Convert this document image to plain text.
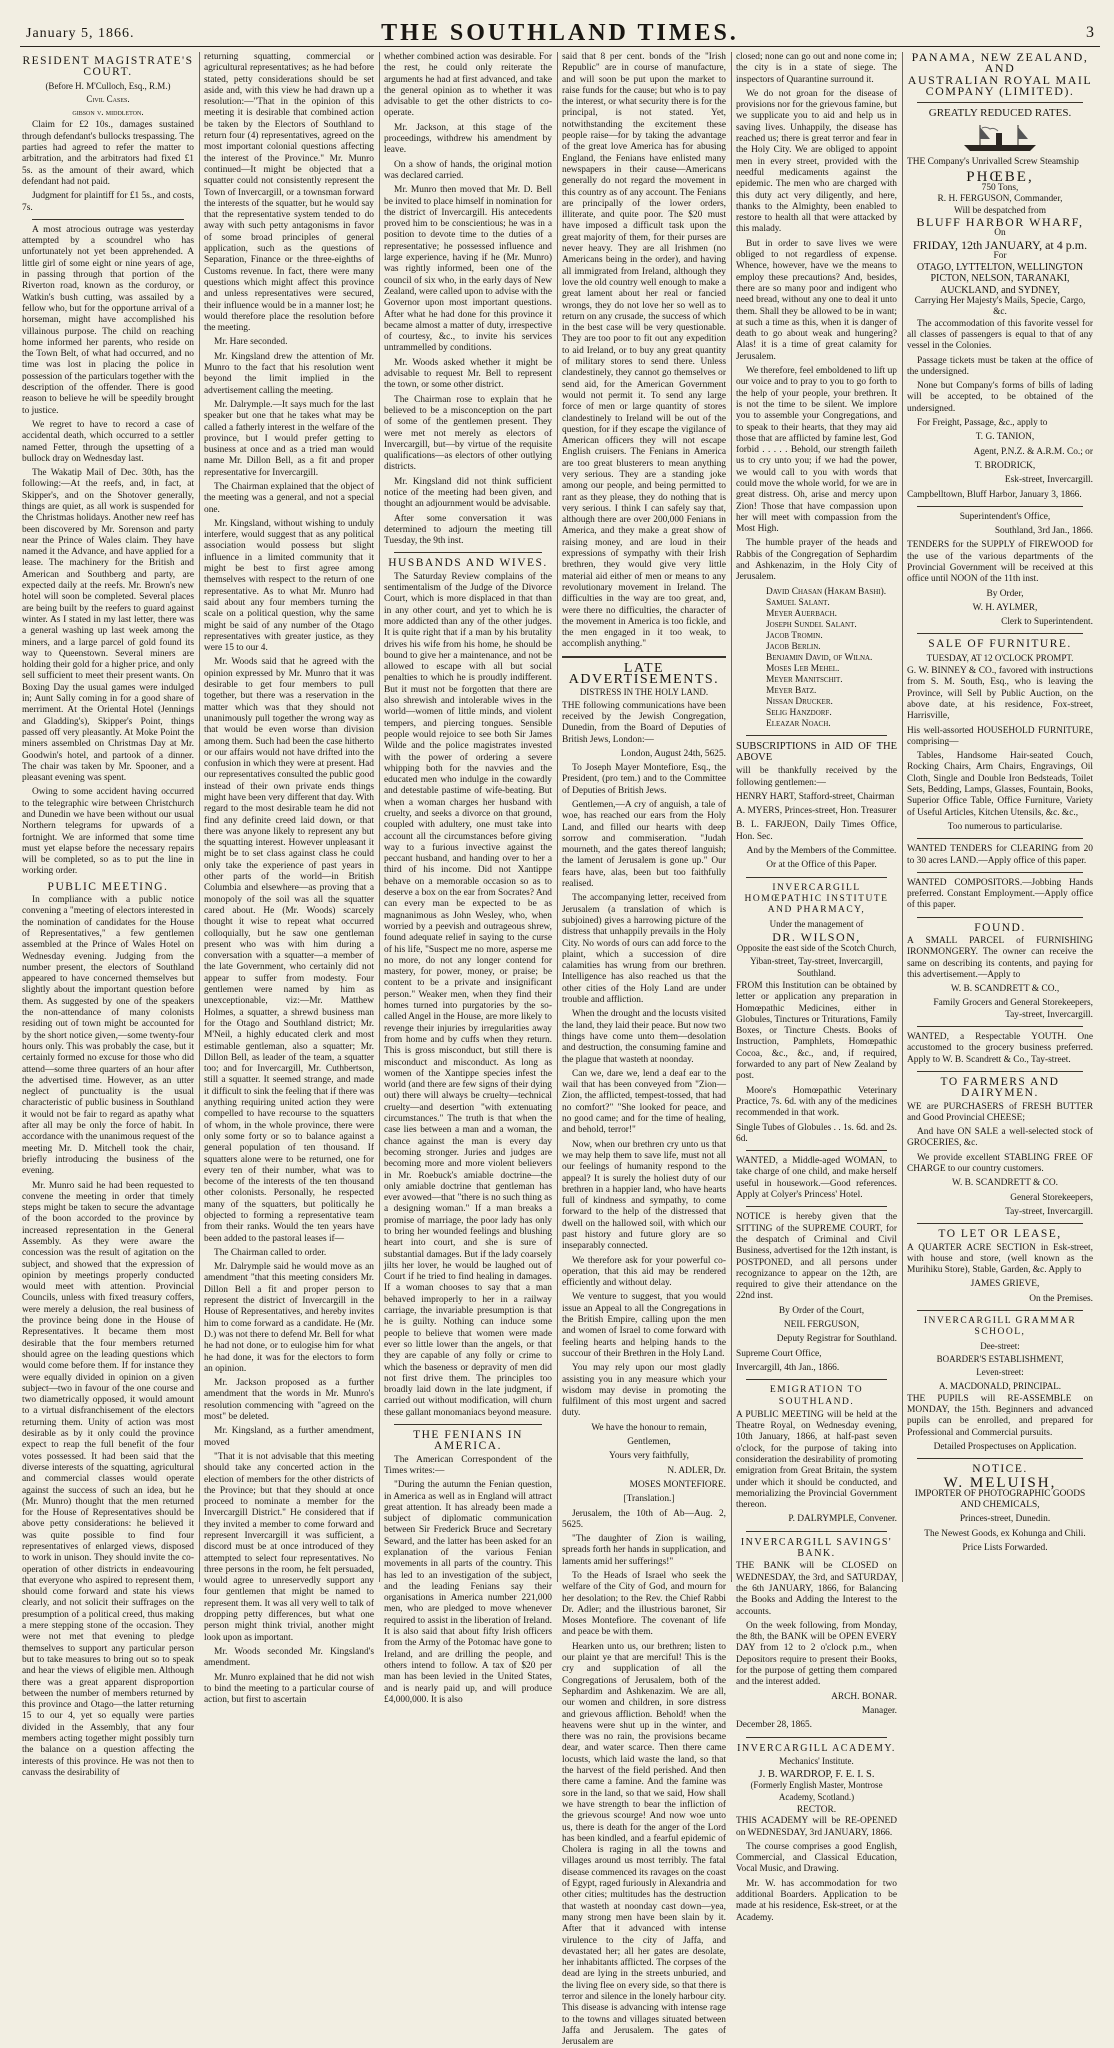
January 5, 1866.	THE SOUTHLAND TIMES.	3
RESIDENT MAGISTRATE'S COURT.
(Before H. M'Culloch, Esq., R.M.)
Civil Cases.
gibson v. middleton.

Claim for £2 10s., damages sustained through defendant's bullocks trespassing. The parties had agreed to refer the matter to arbitration, and the arbitrators had fixed £1 5s. as the amount of their award, which defendant had not paid.

Judgment for plaintiff for £1 5s., and costs, 7s.

A most atrocious outrage was yesterday attempted by a scoundrel who has unfortunately not yet been apprehended. A little girl of some eight or nine years of age, in passing through that portion of the Riverton road, known as the corduroy, or Watkin's bush cutting, was assailed by a fellow who, but for the opportune arrival of a horseman, might have accomplished his villainous purpose. The child on reaching home informed her parents, who reside on the Town Belt, of what had occurred, and no time was lost in placing the police in possession of the particulars together with the description of the offender. There is good reason to believe he will be speedily brought to justice.

We regret to have to record a case of accidental death, which occurred to a settler named Fetter, through the upsetting of a bullock dray on Wednesday last.

The Wakatip Mail of Dec. 30th, has the following:—At the reefs, and, in fact, at Skipper's, and on the Shotover generally, things are quiet, as all work is suspended for the Christmas holidays. Another new reef has been discovered by Mr. Sorenson and party near the Prince of Wales claim. They have named it the Advance, and have applied for a lease. The machinery for the British and American and Southberg and party, are expected daily at the reefs. Mr. Brown's new hotel will soon be completed. Several places are being built by the reefers to guard against winter. As I stated in my last letter, there was a general washing up last week among the miners, and a large parcel of gold found its way to Queenstown. Several miners are holding their gold for a higher price, and only sell sufficient to meet their present wants. On Boxing Day the usual games were indulged in; Aunt Sally coming in for a good share of merriment. At the Oriental Hotel (Jennings and Gladding's), Skipper's Point, things passed off very pleasantly. At Moke Point the miners assembled on Christmas Day at Mr. Goodwin's hotel, and partook of a dinner. The chair was taken by Mr. Spooner, and a pleasant evening was spent.

Owing to some accident having occurred to the telegraphic wire between Christchurch and Dunedin we have been without our usual Northern telegrams for upwards of a fortnight. We are informed that some time must yet elapse before the necessary repairs will be completed, so as to put the line in working order.

PUBLIC MEETING.

In compliance with a public notice convening a "meeting of electors interested in the nomination of candidates for the House of Representatives," a few gentlemen assembled at the Prince of Wales Hotel on Wednesday evening. Judging from the number present, the electors of Southland appeared to have concerned themselves but slightly about the important question before them. As suggested by one of the speakers the non-attendance of many colonists residing out of town might be accounted for by the short notice given,—some twenty-four hours only. This was probably the case, but it certainly formed no excuse for those who did attend—some three quarters of an hour after the advertised time. However, as an utter neglect of punctuality is the usual characteristic of public business in Southland it would not be fair to regard as apathy what after all may be only the force of habit. In accordance with the unanimous request of the meeting Mr. D. Mitchell took the chair, briefly introducing the business of the evening.

Mr. Munro said he had been requested to convene the meeting in order that timely steps might be taken to secure the advantage of the boon accorded to the province by increased representation in the General Assembly. As they were aware the concession was the result of agitation on the subject, and showed that the expression of opinion by meetings properly conducted would meet with attention. Provincial Councils, unless with fixed treasury coffers, were merely a delusion, the real business of the province being done in the House of Representatives. It became them most desirable that the four members returned should agree on the leading questions which would come before them. If for instance they were equally divided in opinion on a given subject—two in favour of the one course and two diametrically opposed, it would amount to a virtual disfranchisement of the electors returning them. Unity of action was most desirable as by it only could the province expect to reap the full benefit of the four votes possessed. It had been said that the diverse interests of the squatting, agricultural and commercial classes would operate against the success of such an idea, but he (Mr. Munro) thought that the men returned for the House of Representatives should be above petty considerations: he believed it was quite possible to find four representatives of enlarged views, disposed to work in unison. They should invite the co-operation of other districts in endeavouring that everyone who aspired to represent them, should come forward and state his views clearly, and not solicit their suffrages on the presumption of a political creed, thus making a mere stepping stone of the occasion. They were not met that evening to pledge themselves to support any particular person but to take measures to bring out so to speak and hear the views of eligible men. Although there was a great apparent disproportion between the number of members returned by this province and Otago—the latter returning 15 to our 4, yet so equally were parties divided in the Assembly, that any four members acting together might possibly turn the balance on a question affecting the interests of this province. He was not then to canvass the desirability of

returning squatting, commercial or agricultural representatives; as he had before stated, petty considerations should be set aside and, with this view he had drawn up a resolution:—"That in the opinion of this meeting it is desirable that combined action be taken by the Electors of Southland to return four (4) representatives, agreed on the most important colonial questions affecting the interest of the Province." Mr. Munro continued—It might be objected that a squatter could not consistently represent the Town of Invercargill, or a townsman forward the interests of the squatter, but he would say that the representative system tended to do away with such petty antagonisms in favor of some broad principles of general application, such as the questions of Separation, Finance or the three-eighths of Customs revenue. In fact, there were many questions which might affect this province and unless representatives were secured, their influence would be in a manner lost; he would therefore place the resolution before the meeting.

Mr. Hare seconded.

Mr. Kingsland drew the attention of Mr. Munro to the fact that his resolution went beyond the limit implied in the advertisement calling the meeting.

Mr. Dalrymple.—It says much for the last speaker but one that he takes what may be called a fatherly interest in the welfare of the province, but I would prefer getting to business at once and as a tried man would name Mr. Dillon Bell, as a fit and proper representative for Invercargill.

The Chairman explained that the object of the meeting was a general, and not a special one.

Mr. Kingsland, without wishing to unduly interfere, would suggest that as any political association would possess but slight influence in a limited community that it might be best to first agree among themselves with respect to the return of one representative. As to what Mr. Munro had said about any four members turning the scale on a political question, why the same might be said of any number of the Otago representatives with greater justice, as they were 15 to our 4.

Mr. Woods said that he agreed with the opinion expressed by Mr. Munro that it was desirable to get four members to pull together, but there was a reservation in the matter which was that they should not unanimously pull together the wrong way as that would be even worse than division among them. Such had been the case hitherto or our affairs would not have drifted into the confusion in which they were at present. Had our representatives consulted the public good instead of their own private ends things might have been very different that day. With regard to the most desirable team he did not find any definite creed laid down, or that there was anyone likely to represent any but the squatting interest. However unpleasant it might be to set class against class he could only take the experience of past years in other parts of the world—in British Columbia and elsewhere—as proving that a monopoly of the soil was all the squatter cared about. He (Mr. Woods) scarcely thought it wise to repeat what occurred colloquially, but he saw one gentleman present who was with him during a conversation with a squatter—a member of the late Government, who certainly did not appear to suffer from modesty. Four gentlemen were named by him as unexceptionable, viz:—Mr. Matthew Holmes, a squatter, a shrewd business man for the Otago and Southland district; Mr. M'Neil, a highly educated clerk and most estimable gentleman, also a squatter; Mr. Dillon Bell, as leader of the team, a squatter too; and for Invercargill, Mr. Cuthbertson, still a squatter. It seemed strange, and made it difficult to sink the feeling that if there was anything requiring united action they were compelled to have recourse to the squatters of whom, in the whole province, there were only some forty or so to balance against a general population of ten thousand. If squatters alone were to be returned, one for every ten of their number, what was to become of the interests of the ten thousand other colonists. Personally, he respected many of the squatters, but politically he objected to forming a representative team from their ranks. Would the ten years have been added to the pastoral leases if—

The Chairman called to order.

Mr. Dalrymple said he would move as an amendment "that this meeting considers Mr. Dillon Bell a fit and proper person to represent the district of Invercargill in the House of Representatives, and hereby invites him to come forward as a candidate. He (Mr. D.) was not there to defend Mr. Bell for what he had not done, or to eulogise him for what he had done, it was for the electors to form an opinion.

Mr. Jackson proposed as a further amendment that the words in Mr. Munro's resolution commencing with "agreed on the most" be deleted.

Mr. Kingsland, as a further amendment, moved

"That it is not advisable that this meeting should take any concerted action in the election of members for the other districts of the Province; but that they should at once proceed to nominate a member for the Invercargill District." He considered that if they invited a member to come forward and represent Invercargill it was sufficient, a discord must be at once introduced of they attempted to select four representatives. No three persons in the room, he felt persuaded, would agree to unreservedly support any four gentlemen that might be named to represent them. It was all very well to talk of dropping petty differences, but what one person might think trivial, another might look upon as important.

Mr. Woods seconded Mr. Kingsland's amendment.

Mr. Munro explained that he did not wish to bind the meeting to a particular course of action, but first to ascertain

whether combined action was desirable. For the rest, he could only reiterate the arguments he had at first advanced, and take the general opinion as to whether it was advisable to get the other districts to co-operate.

Mr. Jackson, at this stage of the proceedings, withdrew his amendment by leave.

On a show of hands, the original motion was declared carried.

Mr. Munro then moved that Mr. D. Bell be invited to place himself in nomination for the district of Invercargill. His antecedents proved him to be conscientious; he was in a position to devote time to the duties of a representative; he possessed influence and large experience, having if he (Mr. Munro) was rightly informed, been one of the council of six who, in the early days of New Zealand, were called upon to advise with the Governor upon most important questions. After what he had done for this province it became almost a matter of duty, irrespective of courtesy, &c., to invite his services untrammelled by conditions.

Mr. Woods asked whether it might be advisable to request Mr. Bell to represent the town, or some other district.

The Chairman rose to explain that he believed to be a misconception on the part of some of the gentlemen present. They were met not merely as electors of Invercargill, but—by virtue of the requisite qualifications—as electors of other outlying districts.

Mr. Kingsland did not think sufficient notice of the meeting had been given, and thought an adjournment would be advisable.

After some conversation it was determined to adjourn the meeting till Tuesday, the 9th inst.

HUSBANDS AND WIVES.

The Saturday Review complains of the sentimentalism of the Judge of the Divorce Court, which is more displaced in that than in any other court, and yet to which he is more addicted than any of the other judges. It is quite right that if a man by his brutality drives his wife from his home, he should be bound to give her a maintenance, and not be allowed to escape with all but social penalties to which he is proudly indifferent. But it must not be forgotten that there are also shrewish and intolerable wives in the world—women of little minds, and violent tempers, and piercing tongues. Sensible people would rejoice to see both Sir James Wilde and the police magistrates invested with the power of ordering a severe whipping both for the navvies and the educated men who indulge in the cowardly and detestable pastime of wife-beating. But when a woman charges her husband with cruelty, and seeks a divorce on that ground, coupled with adultery, one must take into account all the circumstances before giving way to a furious invective against the peccant husband, and handing over to her a third of his income. Did not Xantippe behave on a memorable occasion so as to deserve a box on the ear from Socrates? And can every man be expected to be as magnanimous as John Wesley, who, when worried by a peevish and outrageous shrew, found adequate relief in saying to the curse of his life, "Suspect me no more, asperse me no more, do not any longer contend for mastery, for power, money, or praise; be content to be a private and insignificant person." Weaker men, when they find their homes turned into purgatories by the so-called Angel in the House, are more likely to revenge their injuries by irregularities away from home and by cuffs when they return. This is gross misconduct, but still there is misconduct and misconduct. As long as women of the Xantippe species infest the world (and there are few signs of their dying out) there will always be cruelty—technical cruelty—and desertion "with extenuating circumstances." The truth is that when the case lies between a man and a woman, the chance against the man is every day becoming stronger. Juries and judges are becoming more and more violent believers in Mr. Roebuck's amiable doctrine—the only amiable doctrine that gentleman has ever avowed—that "there is no such thing as a designing woman." If a man breaks a promise of marriage, the poor lady has only to bring her wounded feelings and blushing heart into court, and she is sure of substantial damages. But if the lady coarsely jilts her lover, he would be laughed out of Court if he tried to find healing in damages. If a woman chooses to say that a man behaved improperly to her in a railway carriage, the invariable presumption is that he is guilty. Nothing can induce some people to believe that women were made ever so little lower than the angels, or that they are capable of any folly or crime to which the baseness or depravity of men did not first drive them. The principles too broadly laid down in the late judgment, if carried out without modification, will churn these gallant monomaniacs beyond measure.

THE FENIANS IN AMERICA.

The American Correspondent of the Times writes:—

"During the autumn the Fenian question, in America as well as in England will attract great attention. It has already been made a subject of diplomatic communication between Sir Frederick Bruce and Secretary Seward, and the latter has been asked for an explanation of the various Fenian movements in all parts of the country. This has led to an investigation of the subject, and the leading Fenians say their organisations in America number 221,000 men, who are pledged to move whenever required to assist in the liberation of Ireland. It is also said that about fifty Irish officers from the Army of the Potomac have gone to Ireland, and are drilling the people, and others intend to follow. A tax of $20 per man has been levied in the United States, and is nearly paid up, and will produce £4,000,000. It is also

said that 8 per cent. bonds of the "Irish Republic" are in course of manufacture, and will soon be put upon the market to raise funds for the cause; but who is to pay the interest, or what security there is for the principal, is not stated. Yet, notwithstanding the excitement these people raise—for by taking the advantage of the great love America has for abusing England, the Fenians have enlisted many newspapers in their cause—Americans generally do not regard the movement in this country as of any account. The Fenians are principally of the lower orders, illiterate, and quite poor. The $20 must have imposed a difficult task upon the great majority of them, for their purses are never heavy. They are all Irishmen (no Americans being in the order), and having all immigrated from Ireland, although they love the old country well enough to make a great lament about her real or fancied wrongs, they do not love her so well as to return on any crusade, the success of which in the best case will be very questionable. They are too poor to fit out any expedition to aid Ireland, or to buy any great quantity of military stores to send there. Unless clandestinely, they cannot go themselves or send aid, for the American Government would not permit it. To send any large force of men or large quantity of stores clandestinely to Ireland will be out of the question, for if they escape the vigilance of American officers they will not escape English cruisers. The Fenians in America are too great blusterers to mean anything very serious. They are a standing joke among our people, and being permitted to rant as they please, they do nothing that is very serious. I think I can safely say that, although there are over 200,000 Fenians in America, and they make a great show of raising money, and are loud in their expressions of sympathy with their Irish brethren, they would give very little material aid either of men or means to any revolutionary movement in Ireland. The difficulties in the way are too great, and, were there no difficulties, the character of the movement in America is too fickle, and the men engaged in it too weak, to accomplish anything."

LATE ADVERTISEMENTS.
DISTRESS IN THE HOLY LAND.

THE following communications have been received by the Jewish Congregation, Dunedin, from the Board of Deputies of British Jews, London:—

London, August 24th, 5625.

To Joseph Mayer Montefiore, Esq., the President, (pro tem.) and to the Committee of Deputies of British Jews.

Gentlemen,—A cry of anguish, a tale of woe, has reached our ears from the Holy Land, and filled our hearts with deep sorrow and commiseration. "Judah mourneth, and the gates thereof languish; the lament of Jerusalem is gone up." Our fears have, alas, been but too faithfully realised.

The accompanying letter, received from Jerusalem (a translation of which is subjoined) gives a harrowing picture of the distress that unhappily prevails in the Holy City. No words of ours can add force to the plaint, which a succession of dire calamities has wrung from our brethren. Intelligence has also reached us that the other cities of the Holy Land are under trouble and affliction.

When the drought and the locusts visited the land, they laid their peace. But now two things have come unto them—desolation and destruction, the consuming famine and the plague that wasteth at noonday.

Can we, dare we, lend a deaf ear to the wail that has been conveyed from "Zion—Zion, the afflicted, tempest-tossed, that had no comfort?" "She looked for peace, and no good came; and for the time of healing, and behold, terror!"

Now, when our brethren cry unto us that we may help them to save life, must not all our feelings of humanity respond to the appeal? It is surely the holiest duty of our brethren in a happier land, who have hearts full of kindness and sympathy, to come forward to the help of the distressed that dwell on the hallowed soil, with which our past history and future glory are so inseparably connected.

We therefore ask for your powerful co-operation, that this aid may be rendered efficiently and without delay.

We venture to suggest, that you would issue an Appeal to all the Congregations in the British Empire, calling upon the men and women of Israel to come forward with feeling hearts and helping hands to the succour of their Brethren in the Holy Land.

You may rely upon our most gladly assisting you in any measure which your wisdom may devise in promoting the fulfilment of this most urgent and sacred duty.

We have the honour to remain,

Gentlemen,

Yours very faithfully,

N. ADLER, Dr.

MOSES MONTEFIORE.

[Translation.]

Jerusalem, the 10th of Ab—Aug. 2, 5625.

"The daughter of Zion is wailing, spreads forth her hands in supplication, and laments amid her sufferings!"

To the Heads of Israel who seek the welfare of the City of God, and mourn for her desolation; to the Rev. the Chief Rabbi Dr. Adler; and the illustrious baronet, Sir Moses Montefiore. The covenant of life and peace be with them.

Hearken unto us, our brethren; listen to our plaint ye that are merciful! This is the cry and supplication of all the Congregations of Jerusalem, both of the Sephardim and Ashkenazim. We are all, our women and children, in sore distress and grievous affliction. Behold! when the heavens were shut up in the winter, and there was no rain, the provisions became dear, and water scarce. Then there came locusts, which laid waste the land, so that the harvest of the field perished. And then there came a famine. And the famine was sore in the land, so that we said, How shall we have strength to bear the infliction of the grievous scourge! And now woe unto us, there is death for the anger of the Lord has been kindled, and a fearful epidemic of Cholera is raging in all the towns and villages around us most terribly. The fatal disease commenced its ravages on the coast of Egypt, raged furiously in Alexandria and other cities; multitudes has the destruction that wasteth at noonday cast down—yea, many strong men have been slain by it. After that it advanced with intense virulence to the city of Jaffa, and devastated her; all her gates are desolate, her inhabitants afflicted. The corpses of the dead are lying in the streets unburied, and the living flee on every side, so that there is terror and silence in the lonely harbour city. This disease is advancing with intense rage to the towns and villages situated between Jaffa and Jerusalem. The gates of Jerusalem are

closed; none can go out and none come in; the city is in a state of siege. The inspectors of Quarantine surround it.

We do not groan for the disease of provisions nor for the grievous famine, but we supplicate you to aid and help us in saving lives. Unhappily, the disease has reached us; there is great terror and fear in the Holy City. We are obliged to appoint men in every street, provided with the needful medicaments against the epidemic. The men who are charged with this duty act very diligently, and here, thanks to the Almighty, been enabled to restore to health all that were attacked by this malady.

But in order to save lives we were obliged to not regardless of expense. Whence, however, have we the means to employ these precautions? And, besides, there are so many poor and indigent who need bread, without any one to deal it unto them. Shall they be allowed to be in want; at such a time as this, when it is danger of death to go about weak and hungering? Alas! it is a time of great calamity for Jerusalem.

We therefore, feel emboldened to lift up our voice and to pray to you to go forth to the help of your people, your brethren. It is not the time to be silent. We implore you to assemble your Congregations, and to speak to their hearts, that they may aid those that are afflicted by famine lest, God forbid . . . . . Behold, our strength faileth us to cry unto you; if we had the power, we would call to you with words that could move the whole world, for we are in great distress. Oh, arise and mercy upon Zion! Those that have compassion upon her will meet with compassion from the Most High.

The humble prayer of the heads and Rabbis of the Congregation of Sephardim and Ashkenazim, in the Holy City of Jerusalem.

David Chasan (Hakam Bashi).
Samuel Salant.
Meyer Auerbach.
Joseph Sundel Salant.
Jacob Tromin.
Jacob Berlin.
Benjamin David, of Wilna.
Moses Leb Mehel.
Meyer Manitschit.
Meyer Batz.
Nissan Drucker.
Selig Hanzdorf.
Eleazar Noach.

SUBSCRIPTIONS in AID OF THE ABOVE

will be thankfully received by the following gentlemen:—

HENRY HART, Stafford-street, Chairman

A. MYERS, Princes-street, Hon. Treasurer

B. L. FARJEON, Daily Times Office, Hon. Sec.

And by the Members of the Committee.

Or at the Office of this Paper.

INVERCARGILL HOMŒPATHIC INSTITUTE AND PHARMACY,
Under the management of
DR. WILSON,
Opposite the east side of the Scotch Church,
Yiban-street, Tay-street, Invercargill, Southland.

FROM this Institution can be obtained by letter or application any preparation in Homœpathic Medicines, either in Globules, Tinctures or Triturations, Family Boxes, or Tincture Chests. Books of Instruction, Pamphlets, Homœpathic Cocoa, &c., &c., and, if required, forwarded to any part of New Zealand by post.

Moore's Homœpathic Veterinary Practice, 7s. 6d. with any of the medicines recommended in that work.

Single Tubes of Globules . . 1s. 6d. and 2s. 6d.

WANTED, a Middle-aged WOMAN, to take charge of one child, and make herself useful in housework.—Good references. Apply at Colyer's Princess' Hotel.

NOTICE is hereby given that the SITTING of the SUPREME COURT, for the despatch of Criminal and Civil Business, advertised for the 12th instant, is POSTPONED, and all persons under recognizance to appear on the 12th, are required to give their attendance on the 22nd inst.

By Order of the Court,

NEIL FERGUSON,

Deputy Registrar for Southland.

Supreme Court Office,

Invercargill, 4th Jan., 1866.

EMIGRATION TO SOUTHLAND.

A PUBLIC MEETING will be held at the Theatre Royal, on Wednesday evening, 10th January, 1866, at half-past seven o'clock, for the purpose of taking into consideration the desirability of promoting emigration from Great Britain, the system under which it should be conducted, and memorializing the Provincial Government thereon.

P. DALRYMPLE, Convener.

INVERCARGILL SAVINGS' BANK.

THE BANK will be CLOSED on WEDNESDAY, the 3rd, and SATURDAY, the 6th JANUARY, 1866, for Balancing the Books and Adding the Interest to the accounts.

On the week following, from Monday, the 8th, the BANK will be OPEN EVERY DAY from 12 to 2 o'clock p.m., when Depositors require to present their Books, for the purpose of getting them compared and the interest added.

ARCH. BONAR.

Manager.

December 28, 1865.

INVERCARGILL ACADEMY.
Mechanics' Institute.
J. B. WARDROP, F. E. I. S.
(Formerly English Master, Montrose Academy, Scotland.)
RECTOR.

THIS ACADEMY will be RE-OPENED on WEDNESDAY, 3rd JANUARY, 1866.

The course comprises a good English, Commercial, and Classical Education, Vocal Music, and Drawing.

Mr. W. has accommodation for two additional Boarders. Application to be made at his residence, Esk-street, or at the Academy.

PANAMA, NEW ZEALAND, AND
AUSTRALIAN ROYAL MAIL
COMPANY (LIMITED).
GREATLY REDUCED RATES.

THE Company's Unrivalled Screw Steamship

PHŒBE,
750 Tons,
R. H. FERGUSON, Commander,
Will be despatched from
BLUFF HARBOR WHARF,
On
FRIDAY, 12th JANUARY, at 4 p.m.
For
OTAGO, LYTTELTON, WELLINGTON
PICTON, NELSON, TARANAKI,
AUCKLAND, and SYDNEY,
Carrying Her Majesty's Mails, Specie, Cargo, &c.

The accommodation of this favorite vessel for all classes of passengers is equal to that of any vessel in the Colonies.

Passage tickets must be taken at the office of the undersigned.

None but Company's forms of bills of lading will be accepted, to be obtained of the undersigned.

For Freight, Passage, &c., apply to

T. G. TANION,

Agent, P.N.Z. & A.R.M. Co.; or

T. BRODRICK,

Esk-street, Invercargill.

Campbelltown, Bluff Harbor, January 3, 1866.

Superintendent's Office,

Southland, 3rd Jan., 1866.

TENDERS for the SUPPLY of FIREWOOD for the use of the various departments of the Provincial Government will be received at this office until NOON of the 11th inst.

By Order,

W. H. AYLMER,

Clerk to Superintendent.

SALE OF FURNITURE.
TUESDAY, AT 12 O'CLOCK PROMPT.

G. W. BINNEY & CO., favored with instructions from S. M. South, Esq., who is leaving the Province, will Sell by Public Auction, on the above date, at his residence, Fox-street, Harrisville,

His well-assorted HOUSEHOLD FURNITURE, comprising—

Tables, Handsome Hair-seated Couch, Rocking Chairs, Arm Chairs, Engravings, Oil Cloth, Single and Double Iron Bedsteads, Toilet Sets, Bedding, Lamps, Glasses, Fountain, Books, Superior Office Table, Office Furniture, Variety of Useful Articles, Kitchen Utensils, &c. &c.,

Too numerous to particularise.

WANTED TENDERS for CLEARING from 20 to 30 acres LAND.—Apply office of this paper.

WANTED COMPOSITORS.—Jobbing Hands preferred. Constant Employment.—Apply office of this paper.

FOUND.

A SMALL PARCEL of FURNISHING IRONMONGERY. The owner can receive the same on describing its contents, and paying for this advertisement.—Apply to

W. B. SCANDRETT & CO.,

Family Grocers and General Storekeepers, Tay-street, Invercargill.

WANTED, a Respectable YOUTH. One accustomed to the grocery business preferred. Apply to W. B. Scandrett & Co., Tay-street.

TO FARMERS AND DAIRYMEN.

WE are PURCHASERS of FRESH BUTTER and Good Provincial CHEESE;

And have ON SALE a well-selected stock of GROCERIES, &c.

We provide excellent STABLING FREE OF CHARGE to our country customers.

W. B. SCANDRETT & CO.

General Storekeepers,

Tay-street, Invercargill.

TO LET OR LEASE,

A QUARTER ACRE SECTION in Esk-street, with house and store, (well known as the Murihiku Store), Stable, Garden, &c. Apply to

JAMES GRIEVE,

On the Premises.

INVERCARGILL GRAMMAR SCHOOL,
Dee-street:
BOARDER'S ESTABLISHMENT,
Leven-street:
A. MACDONALD, PRINCIPAL.

THE PUPILS will RE-ASSEMBLE on MONDAY, the 15th. Beginners and advanced pupils can be enrolled, and prepared for Professional and Commercial pursuits.

Detailed Prospectuses on Application.

NOTICE.
W. MELUISH,

IMPORTER OF PHOTOGRAPHIC GOODS AND CHEMICALS,

Princes-street, Dunedin.

The Newest Goods, ex Kohunga and Chili.

Price Lists Forwarded.
